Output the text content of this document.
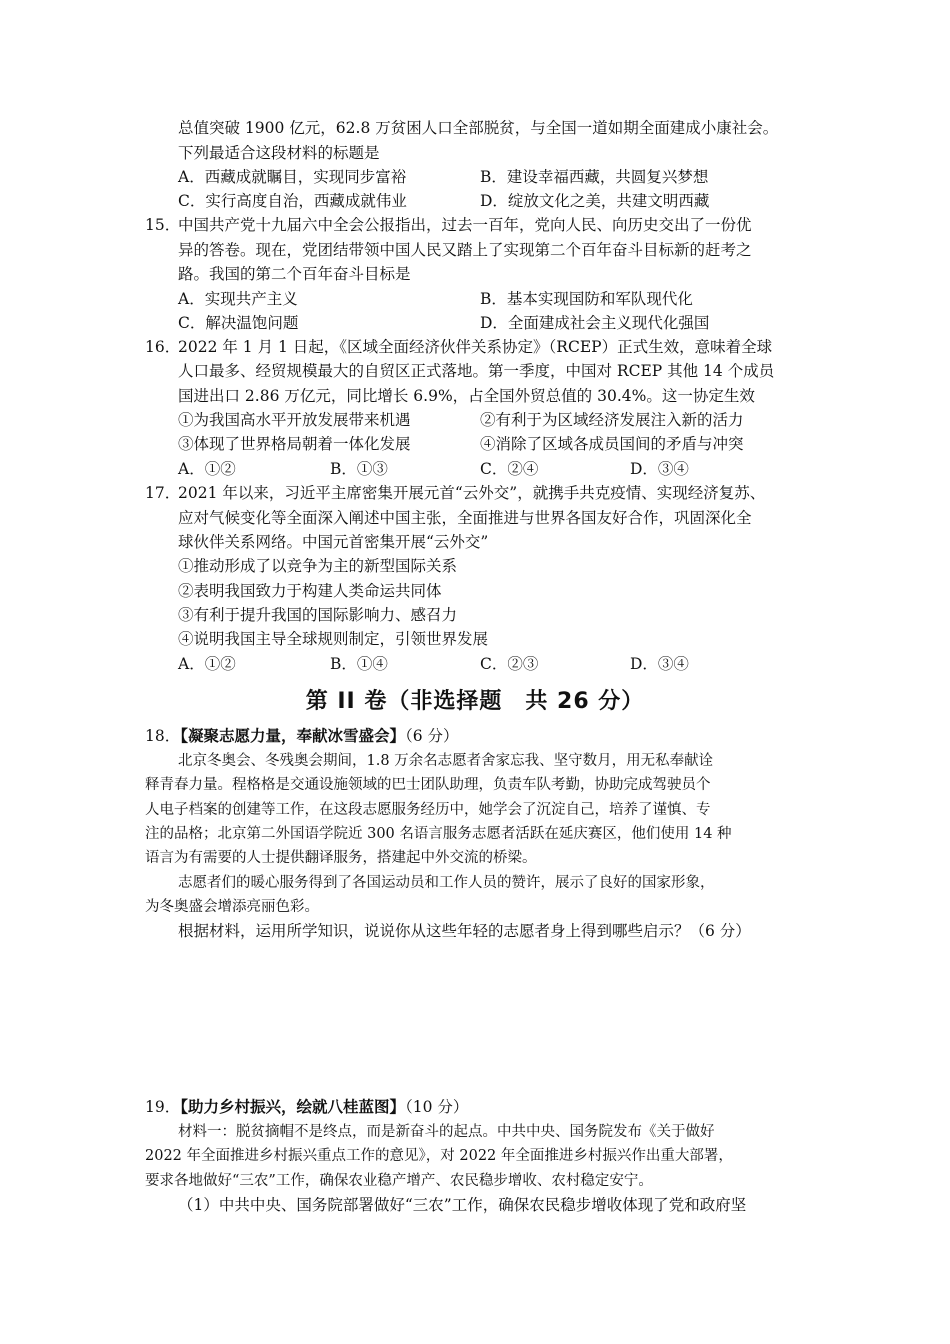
总值突破 1900 亿元，62.8 万贫困人口全部脱贫，与全国一道如期全面建成小康社会。
下列最适合这段材料的标题是
A．西藏成就瞩目，实现同步富裕	B．建设幸福西藏，共圆复兴梦想
C．实行高度自治，西藏成就伟业	D．绽放文化之美，共建文明西藏
15．
中国共产党十九届六中全会公报指出，过去一百年，党向人民、向历史交出了一份优
异的答卷。现在，党团结带领中国人民又踏上了实现第二个百年奋斗目标新的赶考之
路。我国的第二个百年奋斗目标是
A．实现共产主义	B．基本实现国防和军队现代化
C．解决温饱问题	D．全面建成社会主义现代化强国
16．
2022 年 1 月 1 日起，《区域全面经济伙伴关系协定》（RCEP）正式生效，意味着全球
人口最多、经贸规模最大的自贸区正式落地。第一季度，中国对 RCEP 其他 14 个成员
国进出口 2.86 万亿元，同比增长 6.9%，占全国外贸总值的 30.4%。这一协定生效
①为我国高水平开放发展带来机遇	②有利于为区域经济发展注入新的活力
③体现了世界格局朝着一体化发展	④消除了区域各成员国间的矛盾与冲突
A．①②	B．①③	C．②④	D．③④
17．
2021 年以来，习近平主席密集开展元首“云外交”，就携手共克疫情、实现经济复苏、
应对气候变化等全面深入阐述中国主张，全面推进与世界各国友好合作，巩固深化全
球伙伴关系网络。中国元首密集开展“云外交”
①推动形成了以竞争为主的新型国际关系
②表明我国致力于构建人类命运共同体
③有利于提升我国的国际影响力、感召力
④说明我国主导全球规则制定，引领世界发展
A．①②	B．①④	C．②③	D．③④
第 II 卷（非选择题　共 26 分）
18．【凝聚志愿力量，奉献冰雪盛会】（6 分）
北京冬奥会、冬残奥会期间，1.8 万余名志愿者舍家忘我、坚守数月，用无私奉献诠
释青春力量。程格格是交通设施领域的巴士团队助理，负责车队考勤，协助完成驾驶员个
人电子档案的创建等工作，在这段志愿服务经历中，她学会了沉淀自己，培养了谨慎、专
注的品格；北京第二外国语学院近 300 名语言服务志愿者活跃在延庆赛区，他们使用 14 种
语言为有需要的人士提供翻译服务，搭建起中外交流的桥梁。
志愿者们的暖心服务得到了各国运动员和工作人员的赞许，展示了良好的国家形象，
为冬奥盛会增添亮丽色彩。
根据材料，运用所学知识，说说你从这些年轻的志愿者身上得到哪些启示？（6 分）
19．【助力乡村振兴，绘就八桂蓝图】（10 分）
材料一：脱贫摘帽不是终点，而是新奋斗的起点。中共中央、国务院发布《关于做好
2022 年全面推进乡村振兴重点工作的意见》，对 2022 年全面推进乡村振兴作出重大部署，
要求各地做好“三农”工作，确保农业稳产增产、农民稳步增收、农村稳定安宁。
（1）中共中央、国务院部署做好“三农”工作，确保农民稳步增收体现了党和政府坚
